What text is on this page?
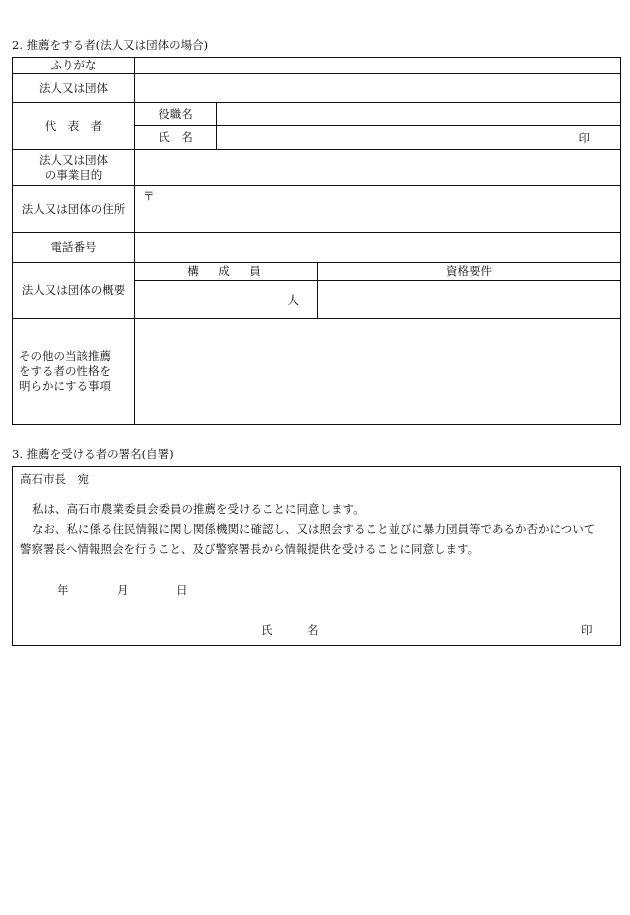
2. 推薦をする者(法人又は団体の場合)
ふりがな			
法人又は団体			
代　表　者	役職名		
	氏　名	印	

法人又は団体
の事業目的			
法人又は団体の住所	〒		
電話番号			
法人又は団体の概要	構　成　員		資格要件
	人		
その他の当該推薦
をする者の性格を
明らかにする事項			
3. 推薦を受ける者の署名(自署)
高石市長　宛
私は、高石市農業委員会委員の推薦を受けることに同意します。
なお、私に係る住民情報に関し関係機関に確認し、又は照会すること並びに暴力団員等であるか否かについて
警察署長へ情報照会を行うこと、及び警察署長から情報提供を受けることに同意します。
年	月	日
氏　　　名	印
